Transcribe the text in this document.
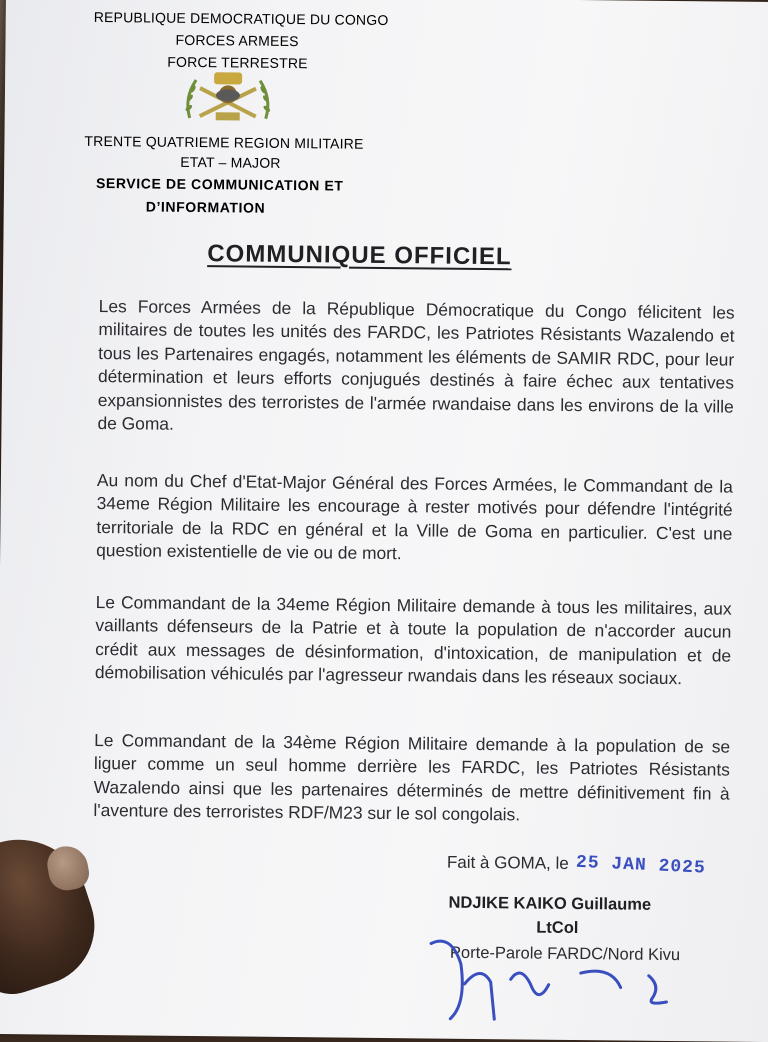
REPUBLIQUE DEMOCRATIQUE DU CONGO
FORCES ARMEES
FORCE TERRESTRE
TRENTE QUATRIEME REGION MILITAIRE
ETAT – MAJOR
SERVICE DE COMMUNICATION ET
D’INFORMATION
COMMUNIQUE OFFICIEL

Les Forces Armées de la République Démocratique du Congo félicitent les militaires de toutes les unités des FARDC, les Patriotes Résistants Wazalendo et tous les Partenaires engagés, notamment les éléments de SAMIR RDC, pour leur détermination et leurs efforts conjugués destinés à faire échec aux tentatives expansionnistes des terroristes de l'armée rwandaise dans les environs de la ville de Goma.

Au nom du Chef d'Etat-Major Général des Forces Armées, le Commandant de la 34eme Région Militaire les encourage à rester motivés pour défendre l'intégrité territoriale de la RDC en général et la Ville de Goma en particulier. C'est une question existentielle de vie ou de mort.

Le Commandant de la 34eme Région Militaire demande à tous les militaires, aux vaillants défenseurs de la Patrie et à toute la population de n'accorder aucun crédit aux messages de désinformation, d'intoxication, de manipulation et de démobilisation véhiculés par l'agresseur rwandais dans les réseaux sociaux.

Le Commandant de la 34ème Région Militaire demande à la population de se liguer comme un seul homme derrière les FARDC, les Patriotes Résistants Wazalendo ainsi que les partenaires déterminés de mettre définitivement fin à l'aventure des terroristes RDF/M23 sur le sol congolais.

Fait à GOMA, le 25 JAN 2025
NDJIKE KAIKO Guillaume
LtCol
Porte-Parole FARDC/Nord Kivu
